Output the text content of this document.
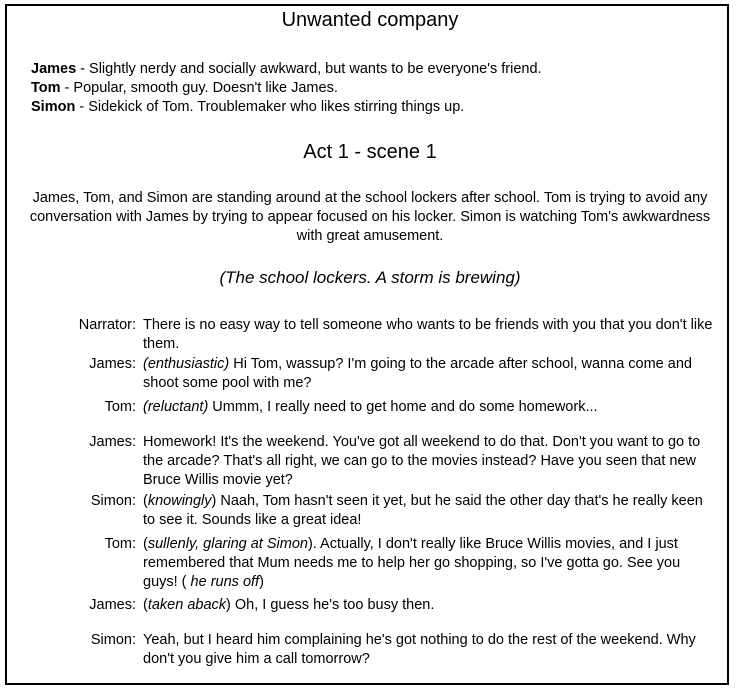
Unwanted company
James - Slightly nerdy and socially awkward, but wants to be everyone's friend.
Tom - Popular, smooth guy. Doesn't like James.
Simon - Sidekick of Tom. Troublemaker who likes stirring things up.
Act 1 - scene 1
James, Tom, and Simon are standing around at the school lockers after school. Tom is trying to avoid any conversation with James by trying to appear focused on his locker. Simon is watching Tom's awkwardness with great amusement.
(The school lockers. A storm is brewing)
Narrator: There is no easy way to tell someone who wants to be friends with you that you don't like them.
James: (enthusiastic) Hi Tom, wassup? I'm going to the arcade after school, wanna come and shoot some pool with me?
Tom: (reluctant) Ummm, I really need to get home and do some homework...
James: Homework! It's the weekend. You've got all weekend to do that. Don't you want to go to the arcade? That's all right, we can go to the movies instead? Have you seen that new Bruce Willis movie yet?
Simon: (knowingly) Naah, Tom hasn't seen it yet, but he said the other day that's he really keen to see it. Sounds like a great idea!
Tom: (sullenly, glaring at Simon). Actually, I don't really like Bruce Willis movies, and I just remembered that Mum needs me to help her go shopping, so I've gotta go. See you guys! ( he runs off)
James: (taken aback) Oh, I guess he's too busy then.
Simon: Yeah, but I heard him complaining he's got nothing to do the rest of the weekend. Why don't you give him a call tomorrow?
